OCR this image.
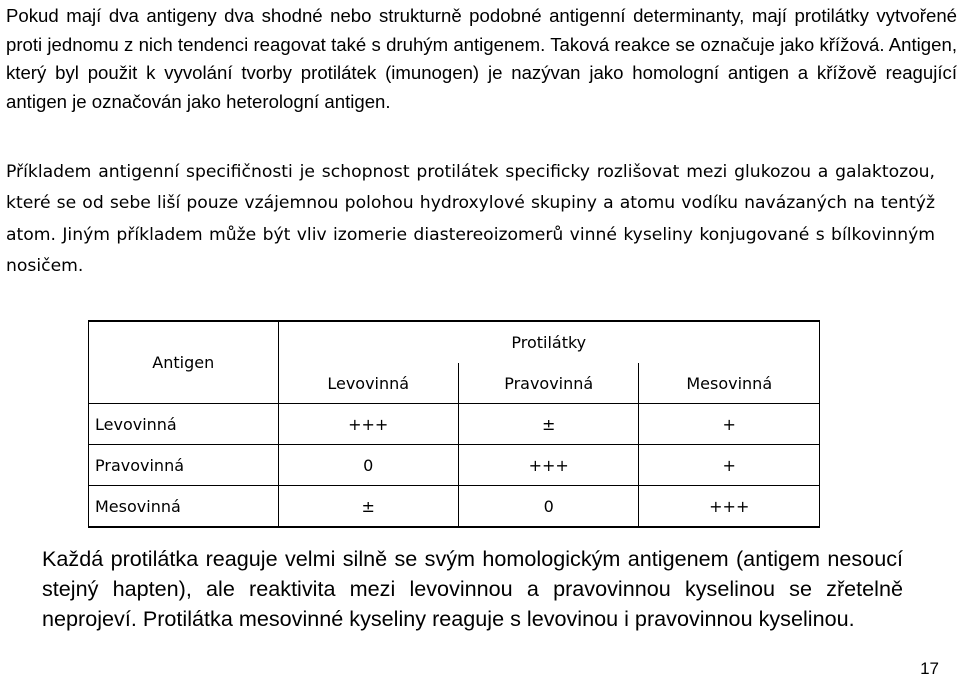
Pokud mají dva antigeny dva shodné nebo strukturně podobné antigenní determinanty, mají protilátky vytvořené proti jednomu z nich tendenci reagovat také s druhým antigenem. Taková reakce se označuje jako křížová. Antigen, který byl použit k vyvolání tvorby protilátek (imunogen) je nazývan jako homologní antigen a křížově reagující antigen je označován jako heterologní antigen.

Příkladem antigenní specifičnosti je schopnost protilátek specificky rozlišovat mezi glukozou a galaktozou, které se od sebe liší pouze vzájemnou polohou hydroxylové skupiny a atomu vodíku navázaných na tentýž atom. Jiným příkladem může být vliv izomerie diastereoizomerů vinné kyseliny konjugované s bílkovinným nosičem.

Antigen	Protilátky		
	Levovinná	Pravovinná	Mesovinná
Levovinná	+++	±	+
Pravovinná	0	+++	+
Mesovinná	±	0	+++

Každá protilátka reaguje velmi silně se svým homologickým antigenem (antigem nesoucí stejný hapten), ale reaktivita mezi levovinnou a pravovinnou kyselinou se zřetelně neprojeví. Protilátka mesovinné kyseliny reaguje s levovinou i pravovinnou kyselinou.

17
